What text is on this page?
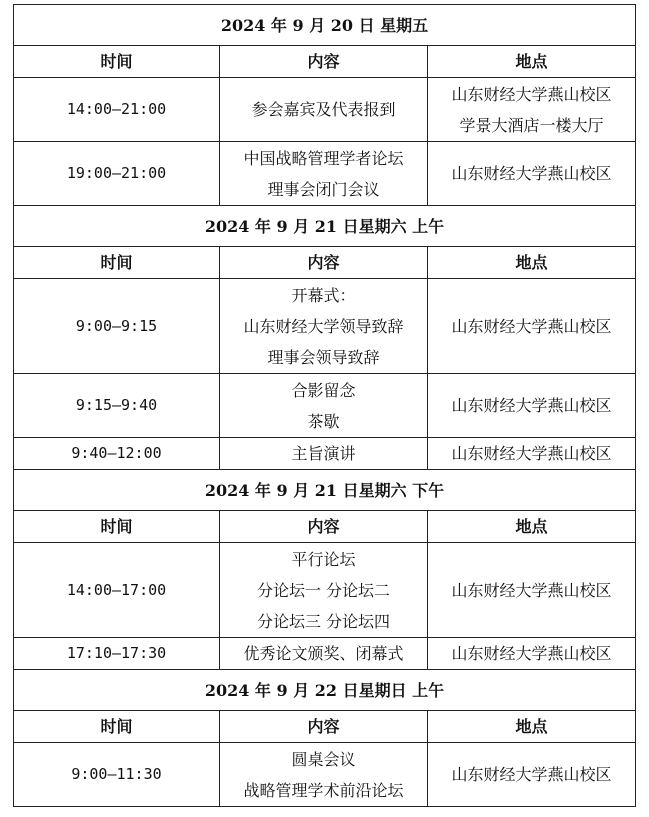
2024 年 9 月 20 日 星期五		
时间	内容	地点
14:00—21:00	参会嘉宾及代表报到	山东财经大学燕山校区
学景大酒店一楼大厅

19:00—21:00	中国战略管理学者论坛
理事会闭门会议	山东财经大学燕山校区

2024 年 9 月 21 日星期六 上午		
时间	内容	地点
9:00—9:15	开幕式：
山东财经大学领导致辞
理事会领导致辞	山东财经大学燕山校区

9:15—9:40	合影留念
茶歇	山东财经大学燕山校区

9:40—12:00	主旨演讲	山东财经大学燕山校区

2024 年 9 月 21 日星期六 下午		
时间	内容	地点
14:00—17:00	平行论坛
分论坛一 分论坛二
分论坛三 分论坛四	山东财经大学燕山校区

17:10—17:30	优秀论文颁奖、闭幕式	山东财经大学燕山校区

2024 年 9 月 22 日星期日 上午		
时间	内容	地点
9:00—11:30	圆桌会议
战略管理学术前沿论坛	山东财经大学燕山校区
